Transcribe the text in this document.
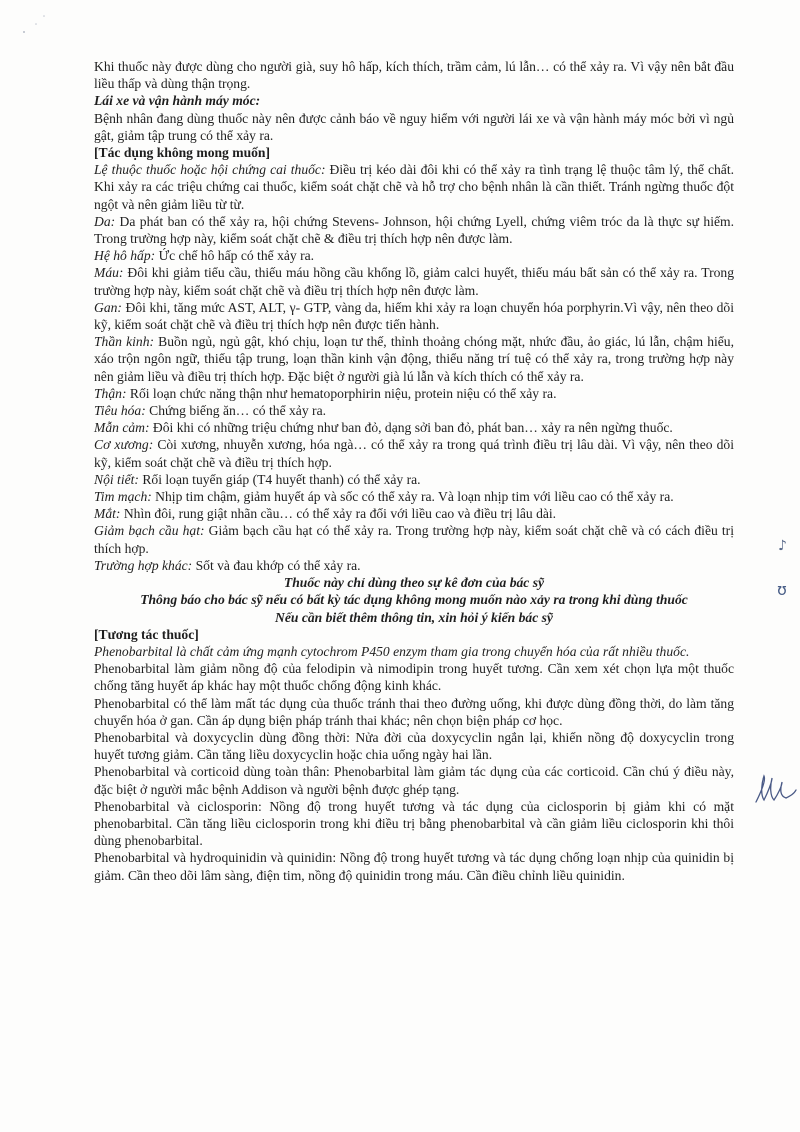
Khi thuốc này được dùng cho người già, suy hô hấp, kích thích, trầm cảm, lú lẫn… có thể xảy ra. Vì vậy nên bắt đầu liều thấp và dùng thận trọng.

Lái xe và vận hành máy móc:

Bệnh nhân đang dùng thuốc này nên được cảnh báo về nguy hiểm với người lái xe và vận hành máy móc bởi vì ngủ gật, giảm tập trung có thể xảy ra.

[Tác dụng không mong muốn]

Lệ thuộc thuốc hoặc hội chứng cai thuốc: Điều trị kéo dài đôi khi có thể xảy ra tình trạng lệ thuộc tâm lý, thể chất. Khi xảy ra các triệu chứng cai thuốc, kiểm soát chặt chẽ và hỗ trợ cho bệnh nhân là cần thiết. Tránh ngừng thuốc đột ngột và nên giảm liều từ từ.

Da: Da phát ban có thể xảy ra, hội chứng Stevens- Johnson, hội chứng Lyell, chứng viêm tróc da là thực sự hiếm. Trong trường hợp này, kiểm soát chặt chẽ & điều trị thích hợp nên được làm.

Hệ hô hấp: Ức chế hô hấp có thể xảy ra.

Máu: Đôi khi giảm tiểu cầu, thiếu máu hồng cầu khổng lồ, giảm calci huyết, thiếu máu bất sản có thể xảy ra. Trong trường hợp này, kiểm soát chặt chẽ và điều trị thích hợp nên được làm.

Gan: Đôi khi, tăng mức AST, ALT, γ- GTP, vàng da, hiếm khi xảy ra loạn chuyển hóa porphyrin.Vì vậy, nên theo dõi kỹ, kiểm soát chặt chẽ và điều trị thích hợp nên được tiến hành.

Thần kinh: Buồn ngủ, ngủ gật, khó chịu, loạn tư thế, thỉnh thoảng chóng mặt, nhức đầu, ảo giác, lú lẫn, chậm hiểu, xáo trộn ngôn ngữ, thiếu tập trung, loạn thần kinh vận động, thiểu năng trí tuệ có thể xảy ra, trong trường hợp này nên giảm liều và điều trị thích hợp. Đặc biệt ở người già lú lẫn và kích thích có thể xảy ra.

Thận: Rối loạn chức năng thận như hematoporphirin niệu, protein niệu có thể xảy ra.

Tiêu hóa: Chứng biếng ăn… có thể xảy ra.

Mẫn cảm: Đôi khi có những triệu chứng như ban đỏ, dạng sởi ban đỏ, phát ban… xảy ra nên ngừng thuốc.

Cơ xương: Còi xương, nhuyễn xương, hóa ngà… có thể xảy ra trong quá trình điều trị lâu dài. Vì vậy, nên theo dõi kỹ, kiểm soát chặt chẽ và điều trị thích hợp.

Nội tiết: Rối loạn tuyến giáp (T4 huyết thanh) có thể xảy ra.

Tim mạch: Nhịp tim chậm, giảm huyết áp và sốc có thể xảy ra. Và loạn nhịp tim với liều cao có thể xảy ra.

Mắt: Nhìn đôi, rung giật nhãn cầu… có thể xảy ra đối với liều cao và điều trị lâu dài.

Giảm bạch cầu hạt: Giảm bạch cầu hạt có thể xảy ra. Trong trường hợp này, kiểm soát chặt chẽ và có cách điều trị thích hợp.

Trường hợp khác: Sốt và đau khớp có thể xảy ra.

Thuốc này chỉ dùng theo sự kê đơn của bác sỹ

Thông báo cho bác sỹ nếu có bất kỳ tác dụng không mong muốn nào xảy ra trong khi dùng thuốc

Nếu cần biết thêm thông tin, xin hỏi ý kiến bác sỹ

[Tương tác thuốc]

Phenobarbital là chất cảm ứng mạnh cytochrom P450 enzym tham gia trong chuyển hóa của rất nhiều thuốc.

Phenobarbital làm giảm nồng độ của felodipin và nimodipin trong huyết tương. Cần xem xét chọn lựa một thuốc chống tăng huyết áp khác hay một thuốc chống động kinh khác.

Phenobarbital có thể làm mất tác dụng của thuốc tránh thai theo đường uống, khi được dùng đồng thời, do làm tăng chuyển hóa ở gan. Cần áp dụng biện pháp tránh thai khác; nên chọn biện pháp cơ học.

Phenobarbital và doxycyclin dùng đồng thời: Nửa đời của doxycyclin ngắn lại, khiến nồng độ doxycyclin trong huyết tương giảm. Cần tăng liều doxycyclin hoặc chia uống ngày hai lần.

Phenobarbital và corticoid dùng toàn thân: Phenobarbital làm giảm tác dụng của các corticoid. Cần chú ý điều này, đặc biệt ở người mắc bệnh Addison và người bệnh được ghép tạng.

Phenobarbital và ciclosporin: Nồng độ trong huyết tương và tác dụng của ciclosporin bị giảm khi có mặt phenobarbital. Cần tăng liều ciclosporin trong khi điều trị bằng phenobarbital và cần giảm liều ciclosporin khi thôi dùng phenobarbital.

Phenobarbital và hydroquinidin và quinidin: Nồng độ trong huyết tương và tác dụng chống loạn nhịp của quinidin bị giảm. Cần theo dõi lâm sàng, điện tim, nồng độ quinidin trong máu. Cần điều chỉnh liều quinidin.

♪
ʊ
